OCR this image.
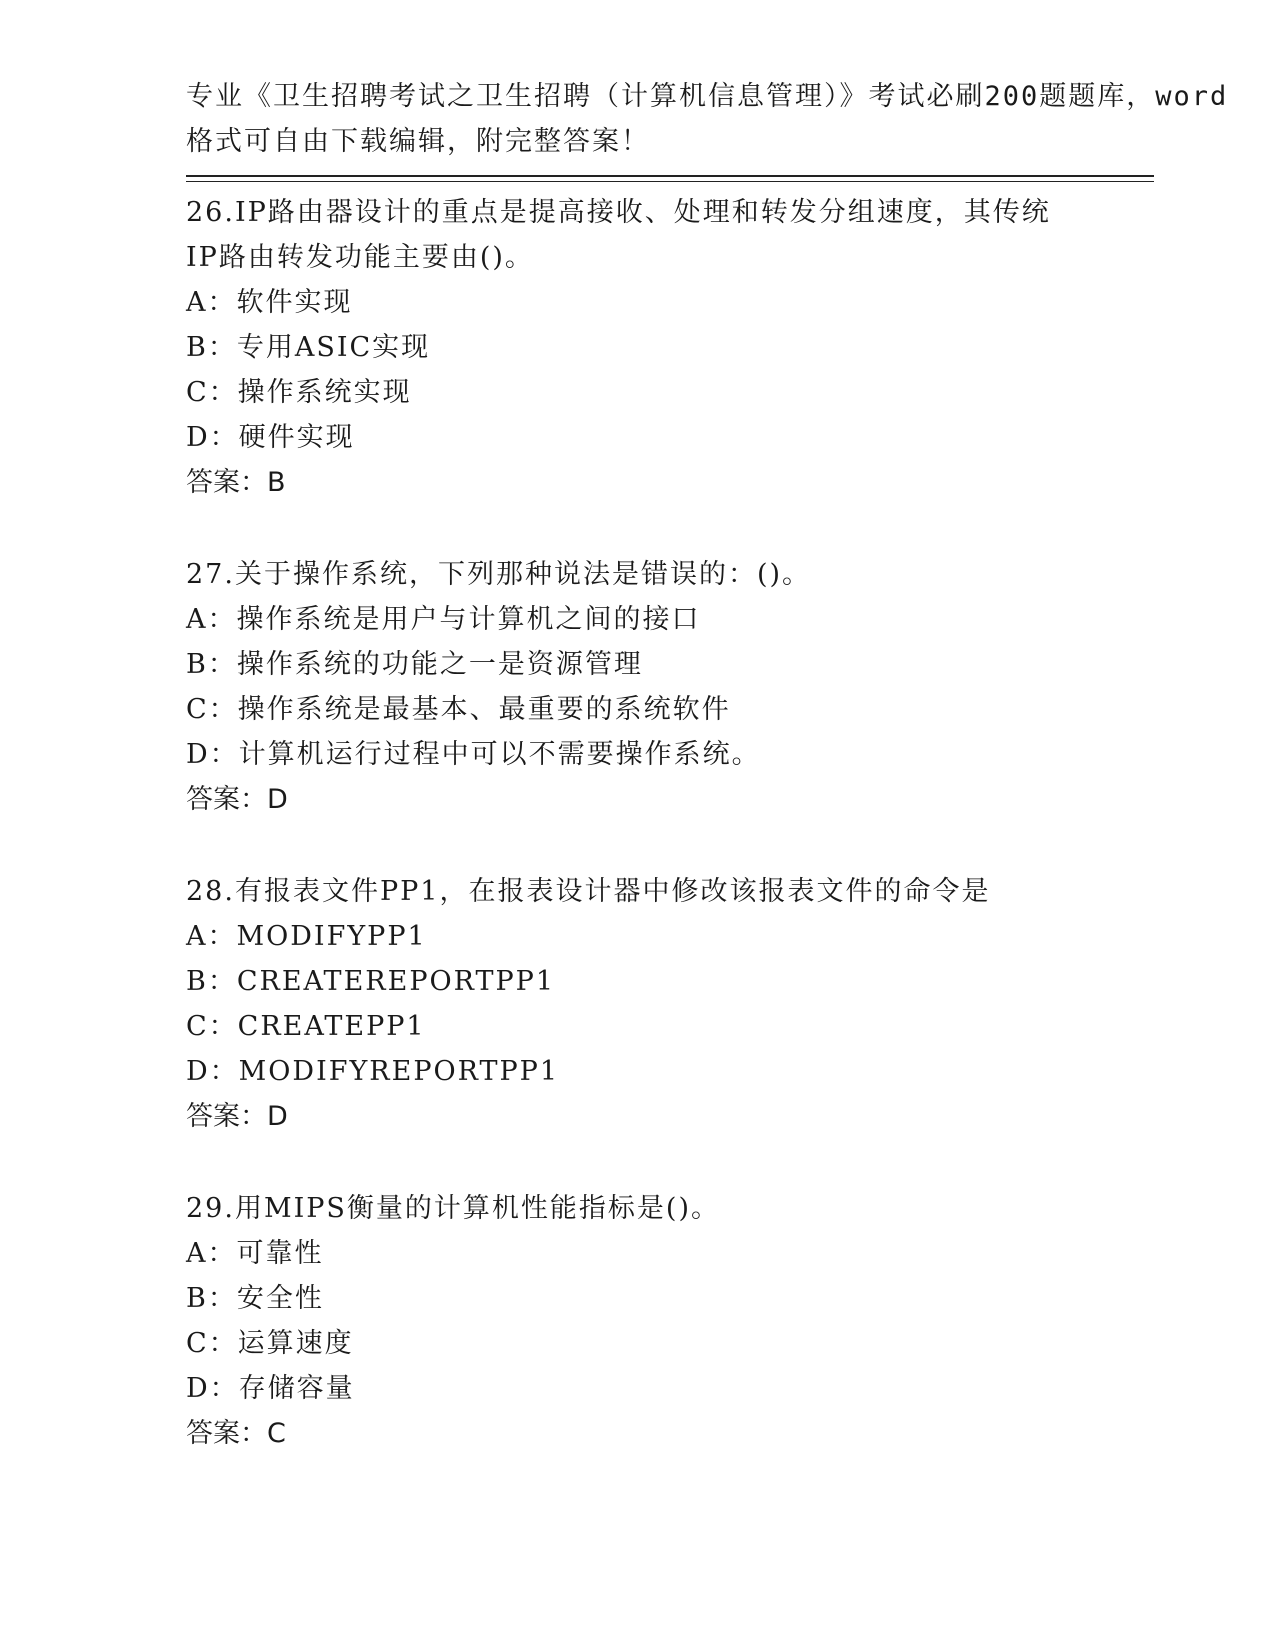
专业《卫生招聘考试之卫生招聘（计算机信息管理）》考试必刷200题题库，word
格式可自由下载编辑，附完整答案！
26.IP路由器设计的重点是提高接收、处理和转发分组速度，其传统
IP路由转发功能主要由()。
A：软件实现
B：专用ASIC实现
C：操作系统实现
D：硬件实现
答案：B
27.关于操作系统，下列那种说法是错误的：()。
A：操作系统是用户与计算机之间的接口
B：操作系统的功能之一是资源管理
C：操作系统是最基本、最重要的系统软件
D：计算机运行过程中可以不需要操作系统。
答案：D
28.有报表文件PP1，在报表设计器中修改该报表文件的命令是
A：MODIFYPP1
B：CREATEREPORTPP1
C：CREATEPP1
D：MODIFYREPORTPP1
答案：D
29.用MIPS衡量的计算机性能指标是()。
A：可靠性
B：安全性
C：运算速度
D：存储容量
答案：C
